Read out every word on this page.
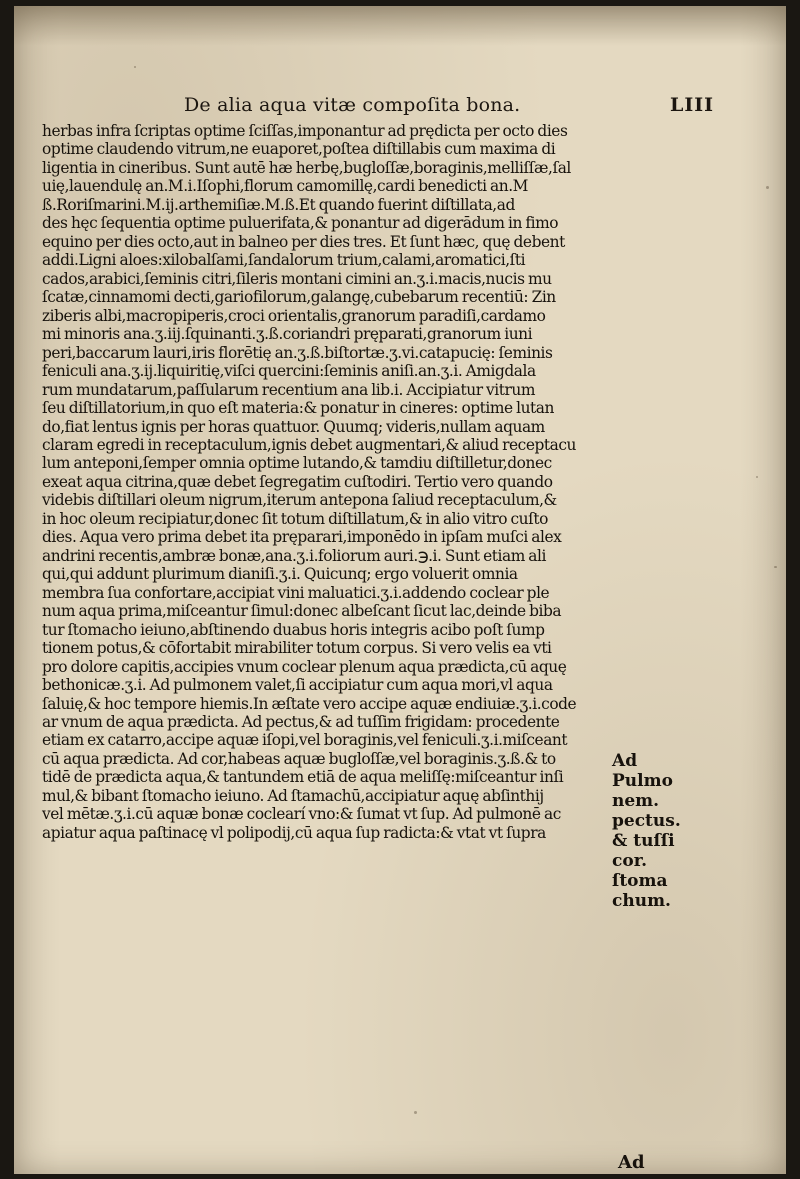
De alia aqua vitæ compoſita bona.	LIII
herbas infra ſcriptas optime ſciſſas,imponantur ad prędicta per octo dies
optime claudendo vitrum,ne euaporet,poſtea diſtillabis cum maxima di
ligentia in cineribus. Sunt autē hæ herbę,bugloſſæ,boraginis,melliſſæ,ſal
uię,lauendulę an.M.i.Iſophi,florum camomillę,cardi benedicti an.M
ß.Roriſmarini.M.ij.arthemiſiæ.M.ß.Et quando fuerint diſtillata,ad
des hęc ſequentia optime puluerifata,& ponantur ad digerādum in fimo
equino per dies octo,aut in balneo per dies tres. Et ſunt hæc, quę debent
addi.Ligni aloes:xilobalſami,ſandalorum trium,calami,aromatici,ſti
cados,arabici,ſeminis citri,ſileris montani cimini an.ʒ.i.macis,nucis mu
ſcatæ,cinnamomi decti,gariofilorum,galangę,cubebarum recentiū: Zin
ziberis albi,macropiperis,croci orientalis,granorum paradiſi,cardamo
mi minoris ana.ʒ.iij.ſquinanti.ʒ.ß.coriandri pręparati,granorum iuni
peri,baccarum lauri,iris florētię an.ʒ.ß.biſtortæ.ʒ.vi.catapucię: ſeminis
feniculi ana.ʒ.ij.liquiritię,viſci quercini:ſeminis aniſi.an.ʒ.i. Amigdala
rum mundatarum,paſſularum recentium ana lib.i. Accipiatur vitrum
ſeu diſtillatorium,in quo eſt materia:& ponatur in cineres: optime lutan
do,fiat lentus ignis per horas quattuor. Quumq; videris,nullam aquam
claram egredi in receptaculum,ignis debet augmentari,& aliud receptacu
lum anteponi,ſemper omnia optime lutando,& tamdiu diſtilletur,donec
exeat aqua citrina,quæ debet ſegregatim cuſtodiri. Tertio vero quando
videbis diſtillari oleum nigrum,iterum antepona ſaliud receptaculum,&
in hoc oleum recipiatur,donec ſit totum diſtillatum,& in alio vitro cuſto
dies. Aqua vero prima debet ita pręparari,imponēdo in ipſam muſci alex
andrini recentis,ambræ bonæ,ana.ʒ.i.foliorum auri.℈.i. Sunt etiam ali
qui,qui addunt plurimum dianiſi.ʒ.i. Quicunq; ergo voluerit omnia
membra ſua confortare,accipiat vini maluatici.ʒ.i.addendo coclear ple
num aqua prima,miſceantur ſimul:donec albeſcant ſicut lac,deinde biba
tur ſtomacho ieiuno,abſtinendo duabus horis integris acibo poſt ſump
tionem potus,& cōfortabit mirabiliter totum corpus. Si vero velis ea vti
pro dolore capitis,accipies vnum coclear plenum aqua prædicta,cū aquę
bethonicæ.ʒ.i. Ad pulmonem valet,ſi accipiatur cum aqua mori,vl aqua
ſaluię,& hoc tempore hiemis.In æſtate vero accipe aquæ endiuiæ.ʒ.i.code
ar vnum de aqua prædicta. Ad pectus,& ad tuſſim frigidam: procedente
etiam ex catarro,accipe aquæ iſopi,vel boraginis,vel feniculi.ʒ.i.miſceant
cū aqua prædicta. Ad cor,habeas aquæ bugloſſæ,vel boraginis.ʒ.ß.& to
tidē de prædicta aqua,& tantundem etiā de aqua meliſſę:miſceantur inſi
mul,& bibant ſtomacho ieiuno. Ad ſtamachū,accipiatur aquę abſinthij
vel mētæ.ʒ.i.cū aquæ bonæ coclearí vno:& ſumat vt ſup. Ad pulmonē ac
apiatur aqua paſtinacę vl polipodij,cū aqua ſup radicta:& vtat vt ſupra
Ad
Pulmo
nem.
pectus.
& tuſſi
cor.
ſtoma
chum.
Ad
